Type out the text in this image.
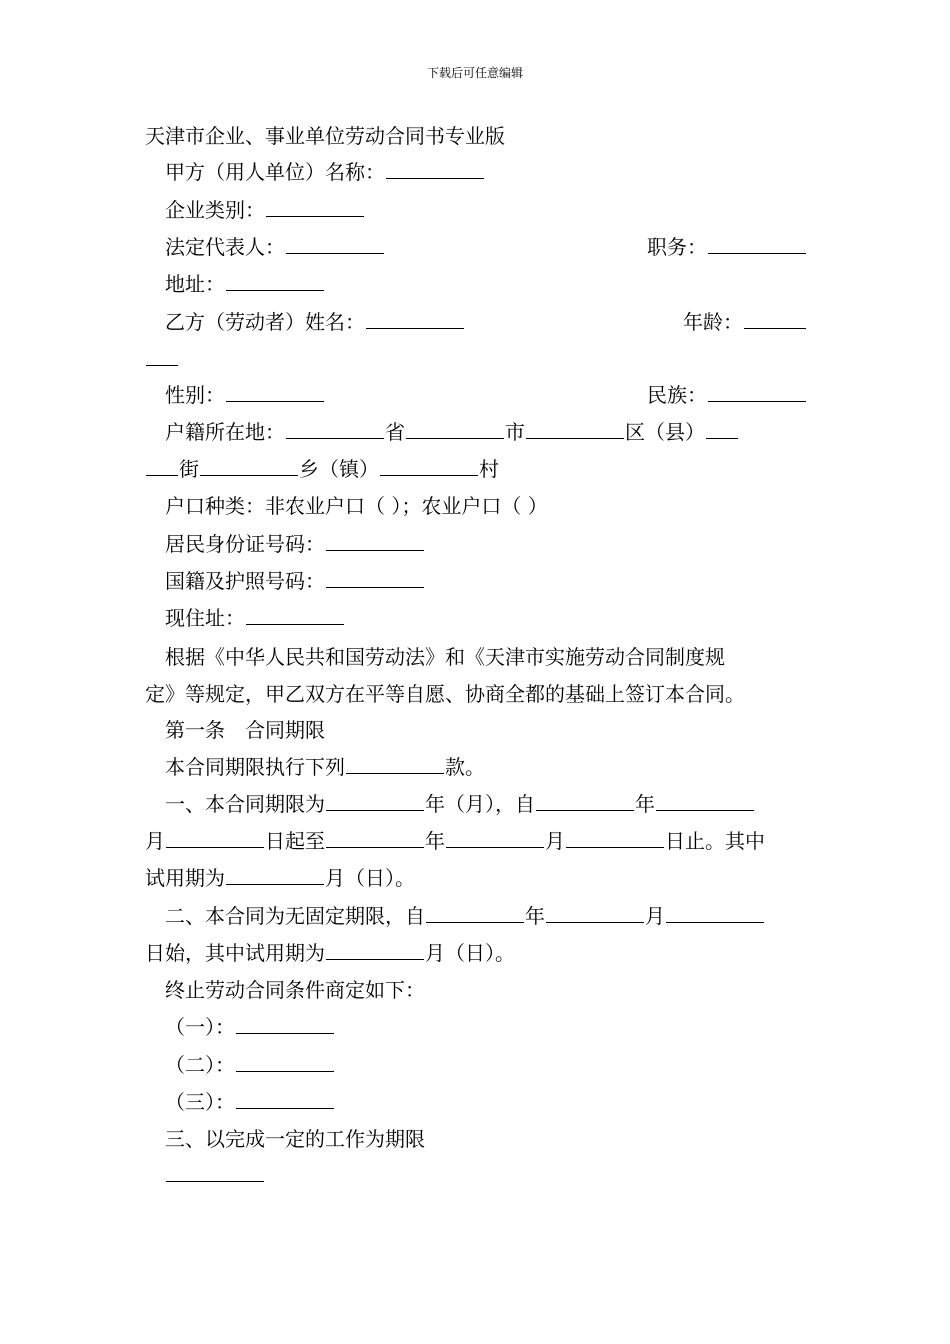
下载后可任意编辑
天津市企业、事业单位劳动合同书专业版
甲方（用人单位）名称：
企业类别：
法定代表人：	职务：
地址：
乙方（劳动者）姓名：	年龄：
性别：	民族：
户籍所在地：	省	市	区（县）
街	乡（镇）	村
户口种类：非农业户口（ ）；农业户口（ ）
居民身份证号码：
国籍及护照号码：
现住址：
根据《中华人民共和国劳动法》和《天津市实施劳动合同制度规
定》等规定，甲乙双方在平等自愿、协商全都的基础上签订本合同。
第一条　合同期限
本合同期限执行下列	款。
一、本合同期限为	年（月），自	年
月	日起至	年	月	日止。其中
试用期为	月（日）。
二、本合同为无固定期限，自	年	月
日始，其中试用期为	月（日）。
终止劳动合同条件商定如下：
（一）：
（二）：
（三）：
三、以完成一定的工作为期限
